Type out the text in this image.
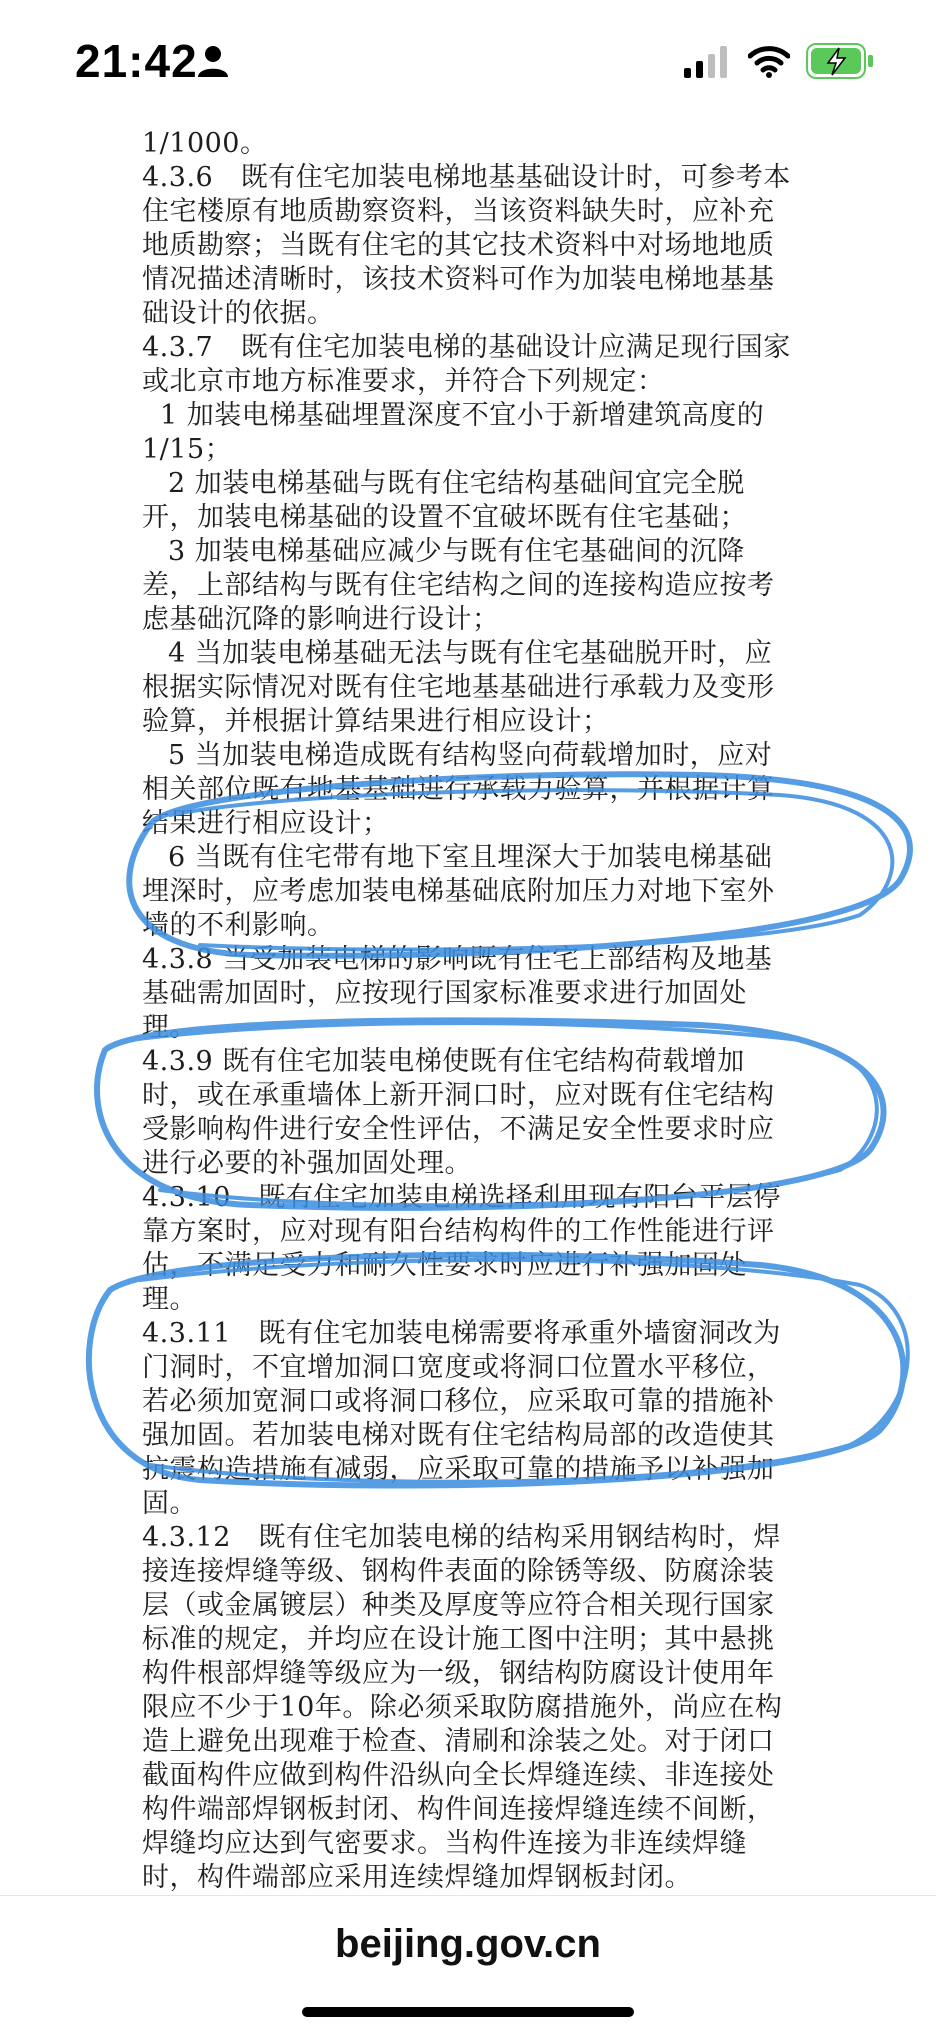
21:42
1/1000。
4.3.6　既有住宅加装电梯地基基础设计时，可参考本
住宅楼原有地质勘察资料，当该资料缺失时，应补充
地质勘察；当既有住宅的其它技术资料中对场地地质
情况描述清晰时，该技术资料可作为加装电梯地基基
础设计的依据。
4.3.7　既有住宅加装电梯的基础设计应满足现行国家
或北京市地方标准要求，并符合下列规定：
1 加装电梯基础埋置深度不宜小于新增建筑高度的
1/15；
2 加装电梯基础与既有住宅结构基础间宜完全脱
开，加装电梯基础的设置不宜破坏既有住宅基础；
3 加装电梯基础应减少与既有住宅基础间的沉降
差，上部结构与既有住宅结构之间的连接构造应按考
虑基础沉降的影响进行设计；
4 当加装电梯基础无法与既有住宅基础脱开时，应
根据实际情况对既有住宅地基基础进行承载力及变形
验算，并根据计算结果进行相应设计；
5 当加装电梯造成既有结构竖向荷载增加时，应对
相关部位既有地基基础进行承载力验算，并根据计算
结果进行相应设计；
6 当既有住宅带有地下室且埋深大于加装电梯基础
埋深时，应考虑加装电梯基础底附加压力对地下室外
墙的不利影响。
4.3.8 当受加装电梯的影响既有住宅上部结构及地基
基础需加固时，应按现行国家标准要求进行加固处
理。
4.3.9 既有住宅加装电梯使既有住宅结构荷载增加
时，或在承重墙体上新开洞口时，应对既有住宅结构
受影响构件进行安全性评估，不满足安全性要求时应
进行必要的补强加固处理。
4.3.10　既有住宅加装电梯选择利用现有阳台平层停
靠方案时，应对现有阳台结构构件的工作性能进行评
估，不满足受力和耐久性要求时应进行补强加固处
理。
4.3.11　既有住宅加装电梯需要将承重外墙窗洞改为
门洞时，不宜增加洞口宽度或将洞口位置水平移位，
若必须加宽洞口或将洞口移位，应采取可靠的措施补
强加固。若加装电梯对既有住宅结构局部的改造使其
抗震构造措施有减弱，应采取可靠的措施予以补强加
固。
4.3.12　既有住宅加装电梯的结构采用钢结构时，焊
接连接焊缝等级、钢构件表面的除锈等级、防腐涂装
层（或金属镀层）种类及厚度等应符合相关现行国家
标准的规定，并均应在设计施工图中注明；其中悬挑
构件根部焊缝等级应为一级，钢结构防腐设计使用年
限应不少于10年。除必须采取防腐措施外，尚应在构
造上避免出现难于检查、清刷和涂装之处。对于闭口
截面构件应做到构件沿纵向全长焊缝连续、非连接处
构件端部焊钢板封闭、构件间连接焊缝连续不间断，
焊缝均应达到气密要求。当构件连接为非连续焊缝
时，构件端部应采用连续焊缝加焊钢板封闭。
beijing.gov.cn
